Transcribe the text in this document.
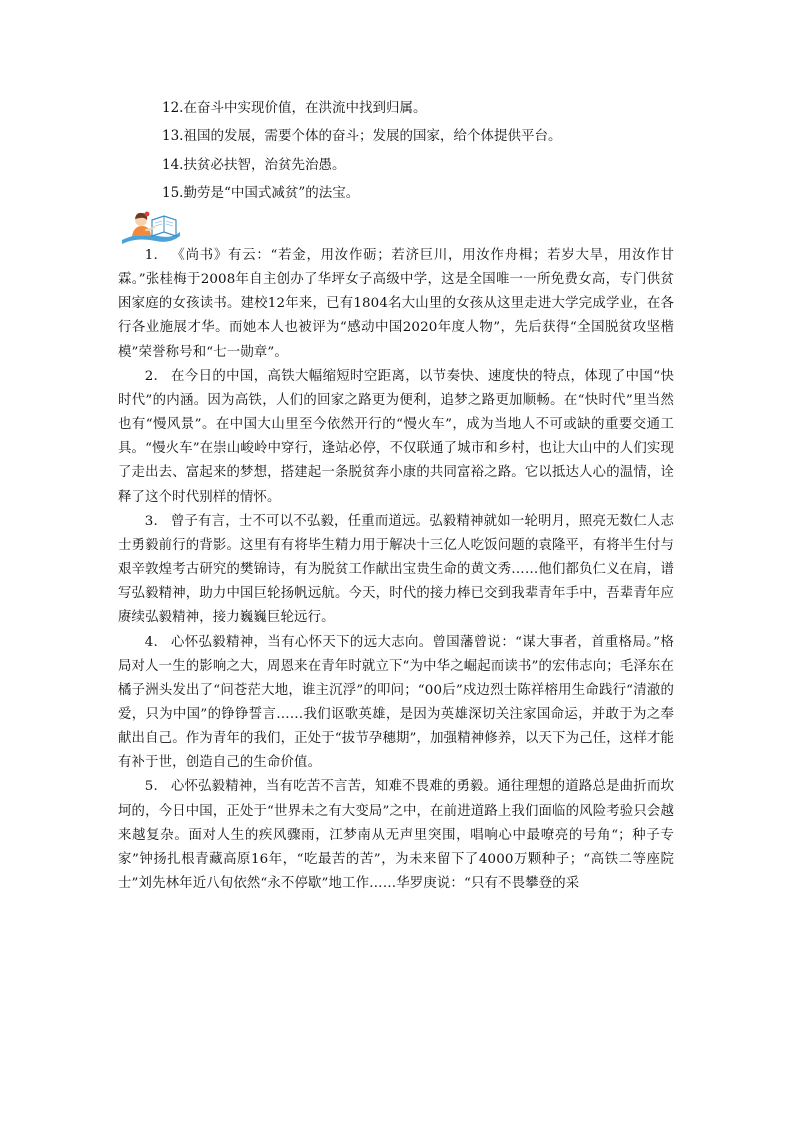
12.在奋斗中实现价值，在洪流中找到归属。
13.祖国的发展，需要个体的奋斗；发展的国家，给个体提供平台。
14.扶贫必扶智，治贫先治愚。
15.勤劳是“中国式减贫”的法宝。

1. 《尚书》有云：“若金，用汝作砺；若济巨川，用汝作舟楫；若岁大旱，用汝作甘霖。”张桂梅于2008年自主创办了华坪女子高级中学，这是全国唯一一所免费女高，专门供贫困家庭的女孩读书。建校12年来，已有1804名大山里的女孩从这里走进大学完成学业，在各行各业施展才华。而她本人也被评为“感动中国2020年度人物”，先后获得“全国脱贫攻坚楷模”荣誉称号和“七一勋章”。

2. 在今日的中国，高铁大幅缩短时空距离，以节奏快、速度快的特点，体现了中国“快时代”的内涵。因为高铁，人们的回家之路更为便利，追梦之路更加顺畅。在“快时代”里当然也有“慢风景”。在中国大山里至今依然开行的“慢火车”，成为当地人不可或缺的重要交通工具。“慢火车”在崇山峻岭中穿行，逢站必停，不仅联通了城市和乡村，也让大山中的人们实现了走出去、富起来的梦想，搭建起一条脱贫奔小康的共同富裕之路。它以抵达人心的温情，诠释了这个时代别样的情怀。

3. 曾子有言，士不可以不弘毅，任重而道远。弘毅精神就如一轮明月，照亮无数仁人志士勇毅前行的背影。这里有有将毕生精力用于解决十三亿人吃饭问题的袁隆平，有将半生付与艰辛敦煌考古研究的樊锦诗，有为脱贫工作献出宝贵生命的黄文秀……他们都负仁义在肩，谱写弘毅精神，助力中国巨轮扬帆远航。今天，时代的接力棒已交到我辈青年手中，吾辈青年应赓续弘毅精神，接力巍巍巨轮远行。

4. 心怀弘毅精神，当有心怀天下的远大志向。曾国藩曾说：“谋大事者，首重格局。”格局对人一生的影响之大，周恩来在青年时就立下“为中华之崛起而读书”的宏伟志向；毛泽东在橘子洲头发出了“问苍茫大地，谁主沉浮”的叩问；“00后”戍边烈士陈祥榕用生命践行“清澈的爱，只为中国”的铮铮誓言……我们讴歌英雄，是因为英雄深切关注家国命运，并敢于为之奉献出自己。作为青年的我们，正处于“拔节孕穗期”，加强精神修养，以天下为己任，这样才能有补于世，创造自己的生命价值。

5. 心怀弘毅精神，当有吃苦不言苦，知难不畏难的勇毅。通往理想的道路总是曲折而坎坷的，今日中国，正处于“世界未之有大变局”之中，在前进道路上我们面临的风险考验只会越来越复杂。面对人生的疾风骤雨，江梦南从无声里突围，唱响心中最嘹亮的号角“；种子专家”钟扬扎根青藏高原16年，“吃最苦的苦”，为未来留下了4000万颗种子；“高铁二等座院士”刘先林年近八旬依然“永不停歇”地工作……华罗庚说：“只有不畏攀登的采
